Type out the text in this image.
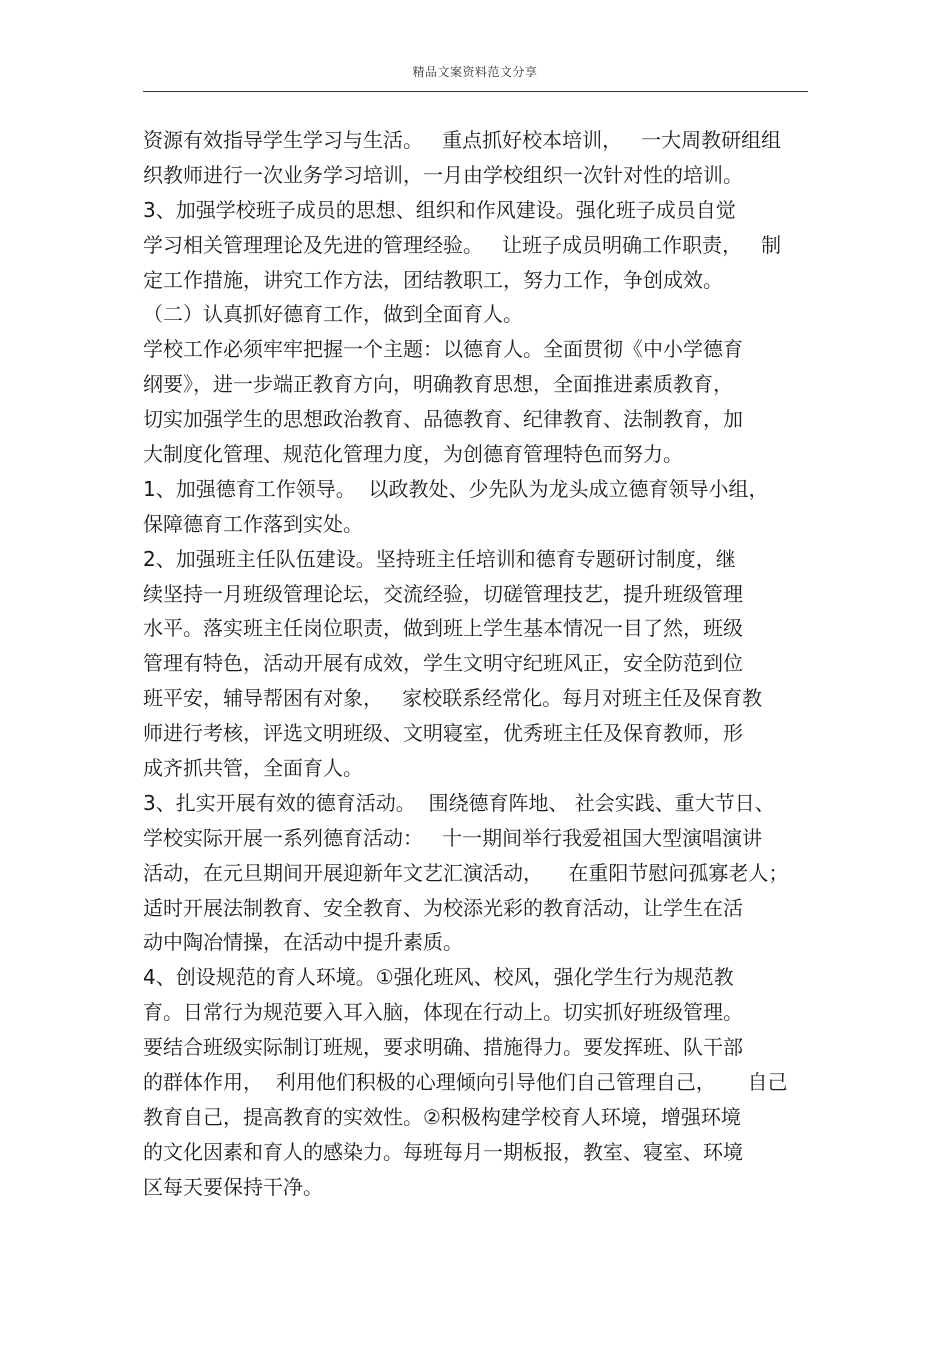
精品文案资料范文分享
资源有效指导学生学习与生活。   重点抓好校本培训，   一大周教研组组
织教师进行一次业务学习培训，一月由学校组织一次针对性的培训。
3、加强学校班子成员的思想、组织和作风建设。强化班子成员自觉
学习相关管理理论及先进的管理经验。   让班子成员明确工作职责，   制
定工作措施，讲究工作方法，团结教职工，努力工作，争创成效。
（二）认真抓好德育工作，做到全面育人。
学校工作必须牢牢把握一个主题：以德育人。全面贯彻《中小学德育
纲要》，进一步端正教育方向，明确教育思想，全面推进素质教育，
切实加强学生的思想政治教育、品德教育、纪律教育、法制教育，加
大制度化管理、规范化管理力度，为创德育管理特色而努力。
1、加强德育工作领导。  以政教处、少先队为龙头成立德育领导小组，
保障德育工作落到实处。
2、加强班主任队伍建设。坚持班主任培训和德育专题研讨制度，继
续坚持一月班级管理论坛，交流经验，切磋管理技艺，提升班级管理
水平。落实班主任岗位职责，做到班上学生基本情况一目了然，班级
管理有特色，活动开展有成效，学生文明守纪班风正，安全防范到位
班平安，辅导帮困有对象，   家校联系经常化。每月对班主任及保育教
师进行考核，评选文明班级、文明寝室，优秀班主任及保育教师，形
成齐抓共管，全面育人。
3、扎实开展有效的德育活动。  围绕德育阵地、 社会实践、重大节日、
学校实际开展一系列德育活动：   十一期间举行我爱祖国大型演唱演讲
活动，在元旦期间开展迎新年文艺汇演活动，    在重阳节慰问孤寡老人；
适时开展法制教育、安全教育、为校添光彩的教育活动，让学生在活
动中陶冶情操，在活动中提升素质。
4、创设规范的育人环境。①强化班风、校风，强化学生行为规范教
育。日常行为规范要入耳入脑，体现在行动上。切实抓好班级管理。
要结合班级实际制订班规，要求明确、措施得力。要发挥班、队干部
的群体作用，  利用他们积极的心理倾向引导他们自己管理自己，     自己
教育自己，提高教育的实效性。②积极构建学校育人环境，增强环境
的文化因素和育人的感染力。每班每月一期板报，教室、寝室、环境
区每天要保持干净。
